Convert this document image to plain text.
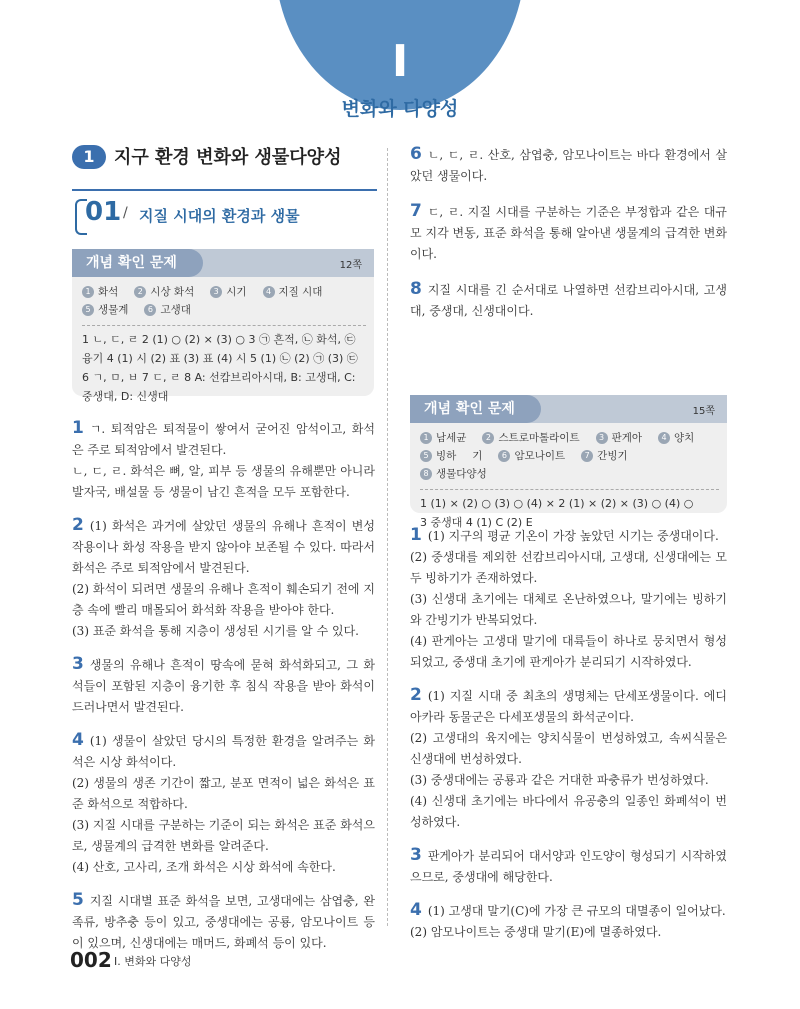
I
변화와 다양성
1	지구 환경 변화와 생물다양성
01 / 지질 시대의 환경과 생물
개념 확인 문제	12쪽
1 화석 2 시상 화석 3 시기 4 지질 시대5 생물계 6 고생대
1 ㄴ, ㄷ, ㄹ 2 (1) ○ (2) × (3) ○ 3 ㉠ 흔적, ㉡ 화석, ㉢
융기 4 (1) 시 (2) 표 (3) 표 (4) 시 5 (1) ㉡ (2) ㉠ (3) ㉢
6 ㄱ, ㅁ, ㅂ 7 ㄷ, ㄹ 8 A: 선캄브리아시대, B: 고생대, C:
중생대, D: 신생대
1 ㄱ. 퇴적암은 퇴적물이 쌓여서 굳어진 암석이고, 화석은 주로 퇴적암에서 발견된다.
ㄴ, ㄷ, ㄹ. 화석은 뼈, 알, 피부 등 생물의 유해뿐만 아니라 발자국, 배설물 등 생물이 남긴 흔적을 모두 포함한다.
2 (1) 화석은 과거에 살았던 생물의 유해나 흔적이 변성 작용이나 화성 작용을 받지 않아야 보존될 수 있다. 따라서 화석은 주로 퇴적암에서 발견된다.
(2) 화석이 되려면 생물의 유해나 흔적이 훼손되기 전에 지층 속에 빨리 매몰되어 화석화 작용을 받아야 한다.
(3) 표준 화석을 통해 지층이 생성된 시기를 알 수 있다.
3 생물의 유해나 흔적이 땅속에 묻혀 화석화되고, 그 화석들이 포함된 지층이 융기한 후 침식 작용을 받아 화석이 드러나면서 발견된다.
4 (1) 생물이 살았던 당시의 특정한 환경을 알려주는 화석은 시상 화석이다.
(2) 생물의 생존 기간이 짧고, 분포 면적이 넓은 화석은 표준 화석으로 적합하다.
(3) 지질 시대를 구분하는 기준이 되는 화석은 표준 화석으로, 생물계의 급격한 변화를 알려준다.
(4) 산호, 고사리, 조개 화석은 시상 화석에 속한다.
5 지질 시대별 표준 화석을 보면, 고생대에는 삼엽충, 완족류, 방추충 등이 있고, 중생대에는 공룡, 암모나이트 등이 있으며, 신생대에는 매머드, 화폐석 등이 있다.
6 ㄴ, ㄷ, ㄹ. 산호, 삼엽충, 암모나이트는 바다 환경에서 살았던 생물이다.
7 ㄷ, ㄹ. 지질 시대를 구분하는 기준은 부정합과 같은 대규모 지각 변동, 표준 화석을 통해 알아낸 생물계의 급격한 변화이다.
8 지질 시대를 긴 순서대로 나열하면 선캄브리아시대, 고생대, 중생대, 신생대이다.
개념 확인 문제	15쪽
1 남세균 2 스트로마톨라이트 3 판게아 4 양치5 빙하 기 6 암모나이트 7 간빙기8 생물다양성
1 (1) × (2) ○ (3) ○ (4) × 2 (1) × (2) × (3) ○ (4) ○
3 중생대 4 (1) C (2) E
1 (1) 지구의 평균 기온이 가장 높았던 시기는 중생대이다.
(2) 중생대를 제외한 선캄브리아시대, 고생대, 신생대에는 모두 빙하기가 존재하였다.
(3) 신생대 초기에는 대체로 온난하였으나, 말기에는 빙하기와 간빙기가 반복되었다.
(4) 판게아는 고생대 말기에 대륙들이 하나로 뭉치면서 형성되었고, 중생대 초기에 판게아가 분리되기 시작하였다.
2 (1) 지질 시대 중 최초의 생명체는 단세포생물이다. 에디아카라 동물군은 다세포생물의 화석군이다.
(2) 고생대의 육지에는 양치식물이 번성하였고, 속씨식물은 신생대에 번성하였다.
(3) 중생대에는 공룡과 같은 거대한 파충류가 번성하였다.
(4) 신생대 초기에는 바다에서 유공충의 일종인 화폐석이 번성하였다.
3 판게아가 분리되어 대서양과 인도양이 형성되기 시작하였으므로, 중생대에 해당한다.
4 (1) 고생대 말기(C)에 가장 큰 규모의 대멸종이 일어났다.
(2) 암모나이트는 중생대 말기(E)에 멸종하였다.
002 I. 변화와 다양성
